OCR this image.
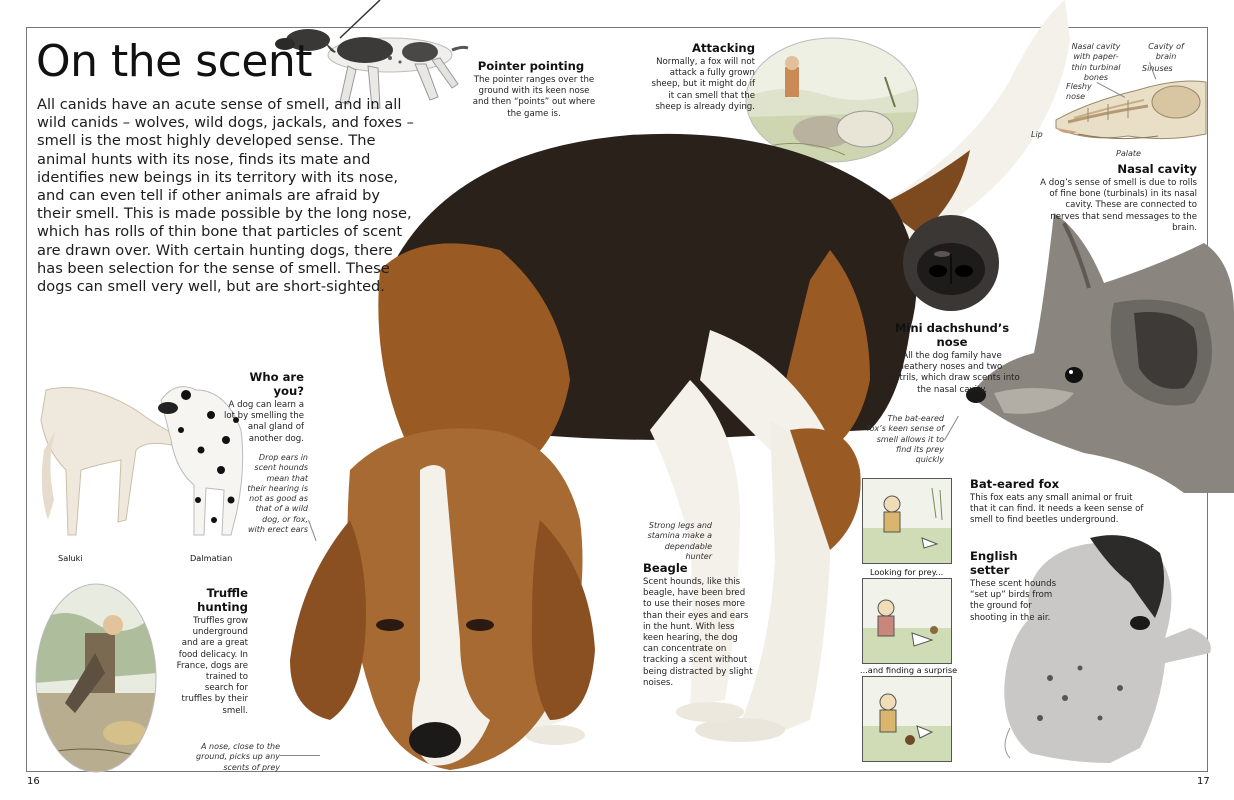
On the scent
All canids have an acute sense of smell, and in all wild canids – wolves, wild dogs, jackals, and foxes – smell is the most highly developed sense. The animal hunts with its nose, finds its mate and identifies new beings in its territory with its nose, and can even tell if other animals are afraid by their smell. This is made possible by the long nose, which has rolls of thin bone that particles of scent are drawn over. With certain hunting dogs, there has been selection for the sense of smell. These dogs can smell very well, but are short-sighted.
Pointer pointing
The pointer ranges over the ground with its keen nose and then “points” out where the game is.
Attacking
Normally, a fox will not attack a fully grown sheep, but it might do if it can smell that the sheep is already dying.
Nasal cavity with paper-thin turbinal bones
Cavity of brain
Sinuses
Fleshy nose
Lip
Palate
Nasal cavity
A dog’s sense of smell is due to rolls of fine bone (turbinals) in its nasal cavity. These are connected to nerves that send messages to the brain.
Mini dachshund’s nose
All the dog family have leathery noses and two nostrils, which draw scents into the nasal cavity.
The bat-eared fox’s keen sense of smell allows it to find its prey quickly
Bat-eared fox
This fox eats any small animal or fruit that it can find. It needs a keen sense of smell to find beetles underground.
English setter
These scent hounds “set up” birds from the ground for shooting in the air.
Who are you?
A dog can learn a lot by smelling the anal gland of another dog.
Drop ears in scent hounds mean that their hearing is not as good as that of a wild dog, or fox, with erect ears
Saluki	Dalmatian
Truffle hunting
Truffles grow underground and are a great food delicacy. In France, dogs are trained to search for truffles by their smell.
A nose, close to the ground, picks up any scents of prey
Strong legs and stamina make a dependable hunter
Beagle
Scent hounds, like this beagle, have been bred to use their noses more than their eyes and ears in the hunt. With less keen hearing, the dog can concentrate on tracking a scent without being distracted by slight noises.
Looking for prey...
...and finding a surprise
16	17
